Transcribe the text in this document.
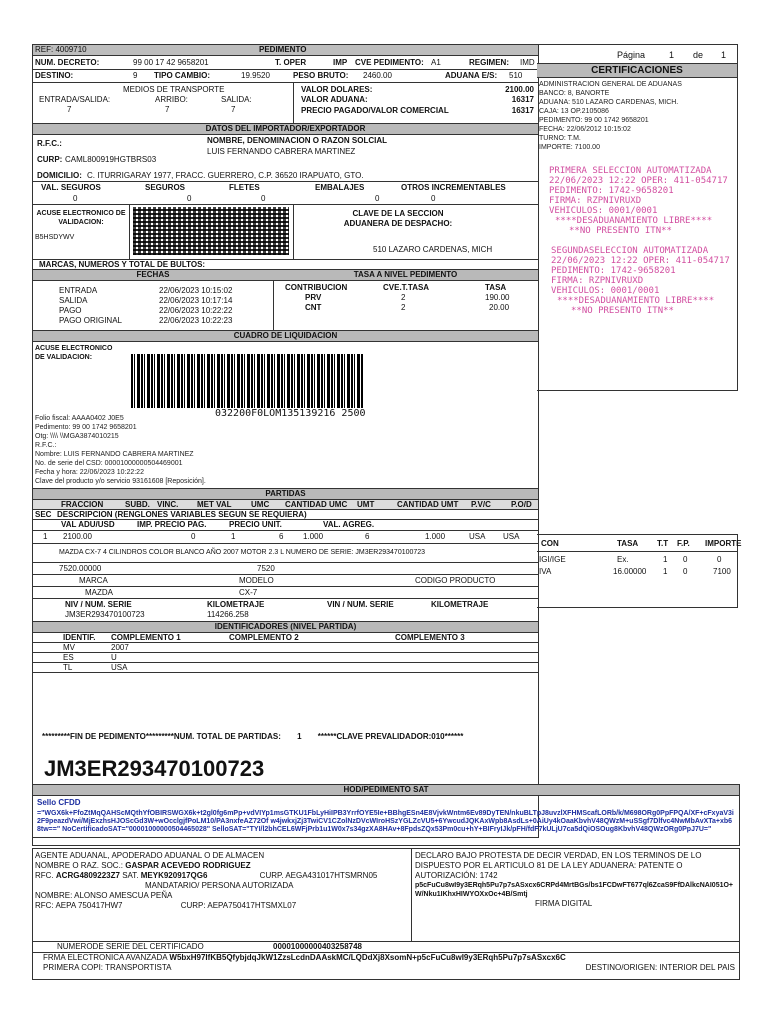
REF: 4009710	PEDIMENTO
NUM. DECRETO:	99 00 17 42 9658201	T. OPER	IMP CVE PEDIMENTO: A1	REGIMEN: IMD
DESTINO:	9 TIPO CAMBIO:	19.9520	PESO BRUTO: 2460.00	ADUANA E/S: 510
MEDIOS DE TRANSPORTE
ENTRADA/SALIDA:	ARRIBO:	SALIDA:
7	7	7
VALOR DOLARES:	2100.00
VALOR ADUANA:	16317
PRECIO PAGADO/VALOR COMERCIAL	16317
DATOS DEL IMPORTADOR/EXPORTADOR
R.F.C.:	NOMBRE, DENOMINACION O RAZON SOLCIAL
LUIS FERNANDO CABRERA MARTINEZ
CURP: CAML800919HGTBRS03
DOMICILIO: C. ITURRIGARAY 1977, FRACC. GUERRERO, C.P. 36520 IRAPUATO, GTO.
VAL. SEGUROS	SEGUROS	FLETES	EMBALAJES	OTROS INCREMENTABLES
0	0	0	0	0
ACUSE ELECTRONICO DE VALIDACION:
B5HSDYWV
CLAVE DE LA SECCION ADUANERA DE DESPACHO:
510 LAZARO CARDENAS, MICH
MARCAS, NUMEROS Y TOTAL DE BULTOS:
FECHAS	TASA A NIVEL PEDIMENTO
ENTRADA	22/06/2023 10:15:02
SALIDA	22/06/2023 10:17:14
PAGO	22/06/2023 10:22:22
PAGO ORIGINAL	22/06/2023 10:22:23
CONTRIBUCION	CVE.T.TASA	TASA
PRV	2	190.00
CNT	2	20.00
CUADRO DE LIQUIDACION
ACUSE ELECTRONICO DE VALIDACION:
032200F0LOM135139216 2500
Folio fiscal: AAAA0402 J0E5
Pedimento: 99 00 1742 9658201
Otg: \\\\ \\MGA3874010215
R.F.C.:
Nombre: LUIS FERNANDO CABRERA MARTINEZ
No. de serie del CSD: 00001000000504469001
Fecha y hora: 22/06/2023 10:22:22
Clave del producto y/o servicio 93161608 [Reposición].
PARTIDAS
FRACCION	SUBD. VINC. MET VAL UMC CANTIDAD UMC UMT	CANTIDAD UMT P.V/C	P.O/D
SEC DESCRIPCION (RENGLONES VARIABLES SEGUN SE REQUIERA)
VAL ADU/USD	IMP. PRECIO PAG.	PRECIO UNIT.	VAL. AGREG.
1 2100.00	0	1	6 1.000	6	1.000	USA USA
MAZDA CX-7 4 CILINDROS COLOR BLANCO AÑO 2007 MOTOR 2.3 L NUMERO DE SERIE: JM3ER293470100723
7520.00000	7520
MARCA	MODELO	CODIGO PRODUCTO
MAZDA	CX-7
NIV / NUM. SERIE	KILOMETRAJE	VIN / NUM. SERIE	KILOMETRAJE
JM3ER293470100723	114266.258
IDENTIFICADORES (NIVEL PARTIDA)
IDENTIF. COMPLEMENTO 1	COMPLEMENTO 2	COMPLEMENTO 3
MV	2007
ES	U
TL	USA
CON	TASA T.T F.P. IMPORTE
IGI/IGE	Ex.	1 0	0
IVA	16.00000 1 0	7100
Página	1 de 1
CERTIFICACIONES
ADMINISTRACION GENERAL DE ADUANAS
BANCO: 8, BANORTE
ADUANA: 510 LAZARO CARDENAS, MICH.
CAJA: 13 OP.2105086
PEDIMENTO: 99 00 1742 9658201
FECHA: 22/06/2012 10:15:02
TURNO: T.M.
IMPORTE: 7100.00
PRIMERA SELECCION AUTOMATIZADA
22/06/2023 12:22 OPER: 411-054717
PEDIMENTO: 1742-9658201
FIRMA: RZPNIVRUXD
VEHICULOS: 0001/0001
****DESADUANAMIENTO LIBRE****
**NO PRESENTO ITN**
SEGUNDASELECCION AUTOMATIZADA
22/06/2023 12:22 OPER: 411-054717
PEDIMENTO: 1742-9658201
FIRMA: RZPNIVRUXD
VEHICULOS: 0001/0001
****DESADUANAMIENTO LIBRE****
**NO PRESENTO ITN**
*********FIN DE PEDIMENTO*********NUM. TOTAL DE PARTIDAS: 1 ******CLAVE PREVALIDADOR:010******
JM3ER293470100723
HOD/PEDIMENTO SAT
Sello CFDD
="WGX6k+FfoZtMqQAHScMQthYfOBIRSWGX6k+t2gl0fg6mPp+vdVIYp1msGTKU1FbLyHiIPB3YrrfOYE5Ie+BBhgESn4E8VjvkWntm6Ev89DyTEN/nkuBLTpJ8uvzlXFHMScafLORb/k/M698ORg0PpFPQA/XF+cFxyaV3i2F9peazdVwi/MjExzhsHJOScGd3W+wOcclgjfPoLM10/PA3nxfeAZ72Of w4jwkxjZj3TwiCV1CZolNzDVcWIroHSzYGLZcVU5+6YwcudJQKAxWpb8AsdLs+0AiUy4kOaaKbvhV48QWzM+uSSgf7Dlfvc4NwMbAvXTa+xb68tw==" NoCertificadoSAT="00001000000504465028" SelloSAT="TYI/l2bhCEL6WFjPrb1u1W0x7s34gzXA8HAv+8FpdsZQx53Pm0cu+hY+BIFryIJk/pFH/fdF7kULjU7ca5dQiOSOug8KbvhV48QWzORg0PpJ7U="
AGENTE ADUANAL, APODERADO ADUANAL O DE ALMACEN
NOMBRE O RAZ. SOC.: GASPAR ACEVEDO RODRIGUEZ
RFC. ACRG4809223Z7 SAT. MEYK920917QG6	CURP. AEGA431017HTSMRN05
MANDATARIO/ PERSONA AUTORIZADA
NOMBRE: ALONSO AMESCUA PEÑA
RFC: AEPA 750417HW7	CURP: AEPA750417HTSMXL07
DECLARO BAJO PROTESTA DE DECIR VERDAD, EN LOS TERMINOS DE LO DISPUESTO POR EL ARTICULO 81 DE LA LEY ADUANERA: PATENTE O AUTORIZACIÓN: 1742
p5cFuCu8wI9y3ERqh5Pu7p7sASxcx6CRPd4MrtBGs/bs1FCDwFT677ql6ZcaS9FfDAlkcNAI051O+W/Nku1IKhxHIWYOXxOc+4B/Smtj
FIRMA DIGITAL
NUMERODE SERIE DEL CERTIFICADO	00001000000403258748
FRMA ELECTRONICA AVANZADA W5bxH97IfKB5QfybjdqJkW1ZzsLcdnDAAskMC/LQDdXj8XsomN+p5cFuCu8wI9y3ERqh5Pu7p7sASxcx6C
PRIMERA COPI: TRANSPORTISTA	DESTINO/ORIGEN: INTERIOR DEL PAIS
